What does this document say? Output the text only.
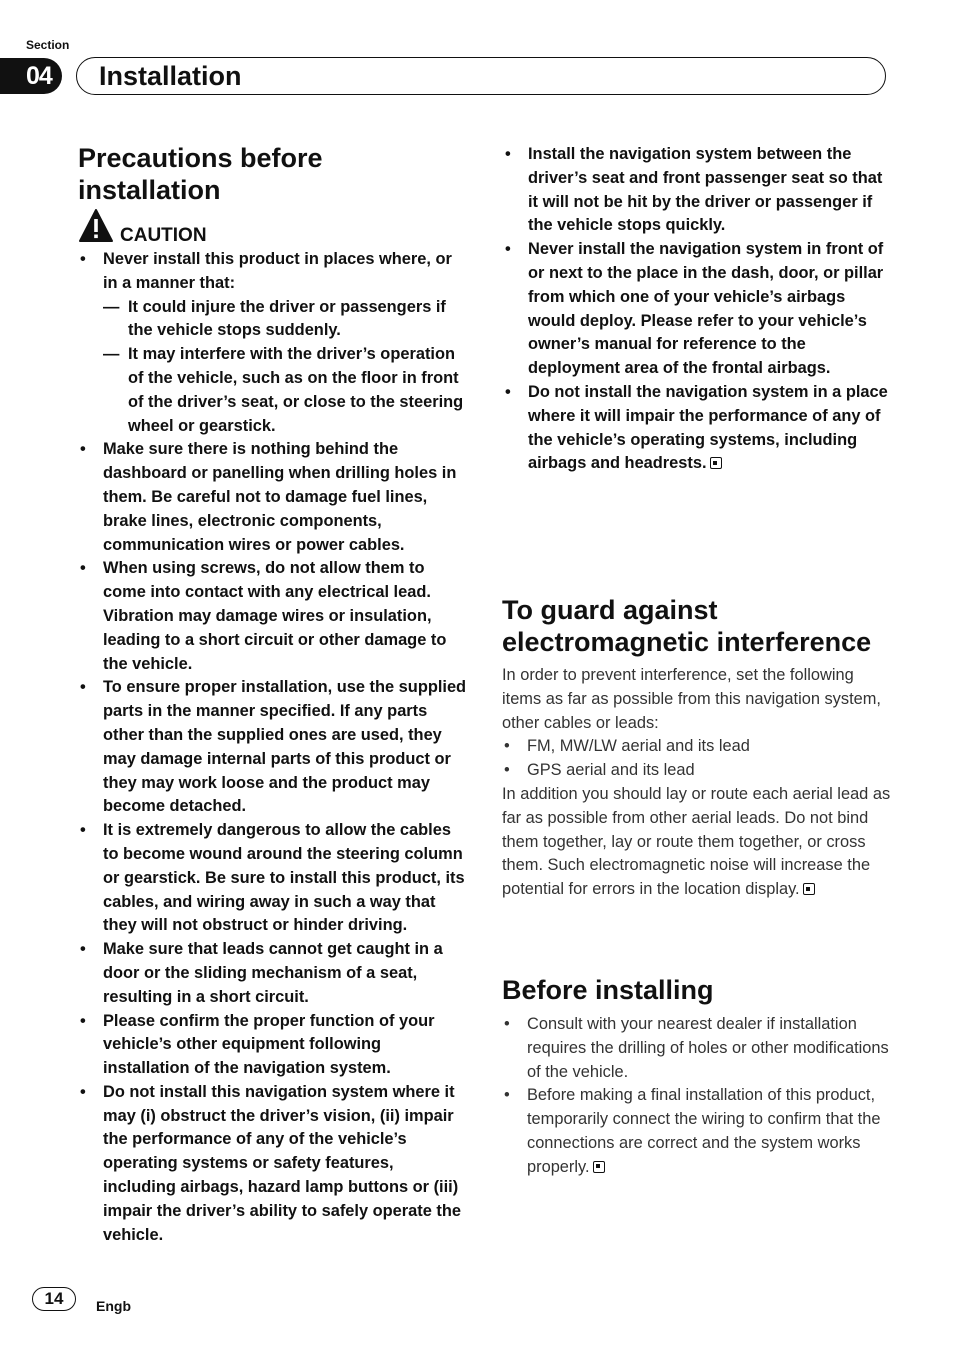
Section
04	Installation
Precautions before
installation
CAUTION
• Never install this product in places where, or in a manner that:
— It could injure the driver or passengers if the vehicle stops suddenly.
— It may interfere with the driver’s operation of the vehicle, such as on the floor in front of the driver’s seat, or close to the steering wheel or gearstick.
• Make sure there is nothing behind the dashboard or panelling when drilling holes in them. Be careful not to damage fuel lines, brake lines, electronic components, communication wires or power cables.
• When using screws, do not allow them to come into contact with any electrical lead. Vibration may damage wires or insulation, leading to a short circuit or other damage to the vehicle.
• To ensure proper installation, use the supplied parts in the manner specified. If any parts other than the supplied ones are used, they may damage internal parts of this product or they may work loose and the product may become detached.
• It is extremely dangerous to allow the cables to become wound around the steering column or gearstick. Be sure to install this product, its cables, and wiring away in such a way that they will not obstruct or hinder driving.
• Make sure that leads cannot get caught in a door or the sliding mechanism of a seat, resulting in a short circuit.
• Please confirm the proper function of your vehicle’s other equipment following installation of the navigation system.
• Do not install this navigation system where it may (i) obstruct the driver’s vision, (ii) impair the performance of any of the vehicle’s operating systems or safety features, including airbags, hazard lamp buttons or (iii) impair the driver’s ability to safely operate the vehicle.
• Install the navigation system between the driver’s seat and front passenger seat so that it will not be hit by the driver or passenger if the vehicle stops quickly.
• Never install the navigation system in front of or next to the place in the dash, door, or pillar from which one of your vehicle’s airbags would deploy. Please refer to your vehicle’s owner’s manual for reference to the deployment area of the frontal airbags.
• Do not install the navigation system in a place where it will impair the performance of any of the vehicle’s operating systems, including airbags and headrests.
To guard against
electromagnetic interference

In order to prevent interference, set the following items as far as possible from this navigation system, other cables or leads:

• FM, MW/LW aerial and its lead
• GPS aerial and its lead

In addition you should lay or route each aerial lead as far as possible from other aerial leads. Do not bind them together, lay or route them together, or cross them. Such electromagnetic noise will increase the potential for errors in the location display.

Before installing
• Consult with your nearest dealer if installation requires the drilling of holes or other modifications of the vehicle.
• Before making a final installation of this product, temporarily connect the wiring to confirm that the connections are correct and the system works properly.
14	Engb
